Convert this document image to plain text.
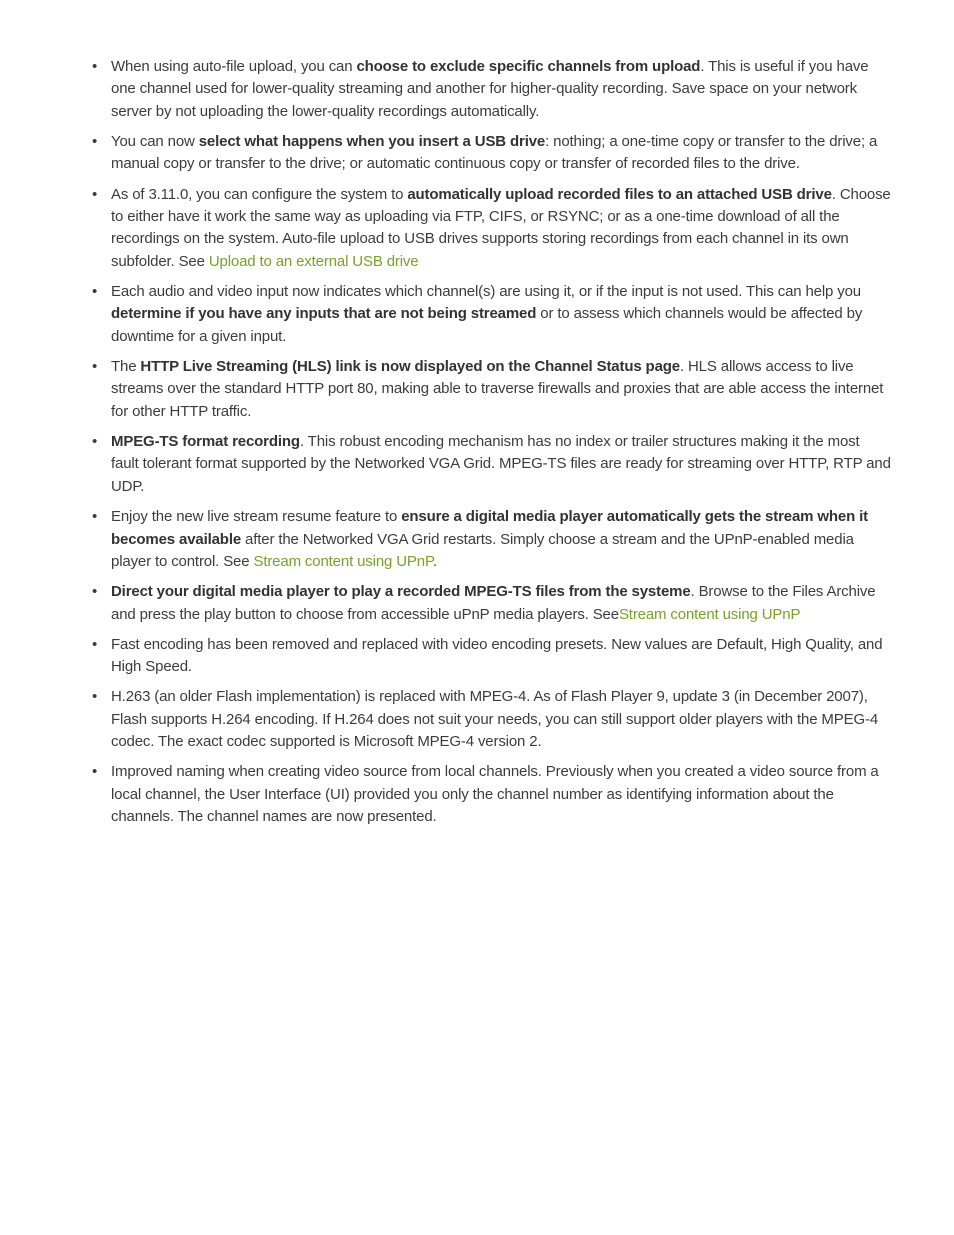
• When using auto-file upload, you can choose to exclude specific channels from upload. This is useful if you have one channel used for lower-quality streaming and another for higher-quality recording. Save space on your network server by not uploading the lower-quality recordings automatically.
• You can now select what happens when you insert a USB drive: nothing; a one-time copy or transfer to the drive; a manual copy or transfer to the drive; or automatic continuous copy or transfer of recorded files to the drive.
• As of 3.11.0, you can configure the system to automatically upload recorded files to an attached USB drive. Choose to either have it work the same way as uploading via FTP, CIFS, or RSYNC; or as a one-time download of all the recordings on the system. Auto-file upload to USB drives supports storing recordings from each channel in its own subfolder. See Upload to an external USB drive
• Each audio and video input now indicates which channel(s) are using it, or if the input is not used. This can help you determine if you have any inputs that are not being streamed or to assess which channels would be affected by downtime for a given input.
• The HTTP Live Streaming (HLS) link is now displayed on the Channel Status page. HLS allows access to live streams over the standard HTTP port 80, making able to traverse firewalls and proxies that are able access the internet for other HTTP traffic.
• MPEG-TS format recording. This robust encoding mechanism has no index or trailer structures making it the most fault tolerant format supported by the Networked VGA Grid. MPEG-TS files are ready for streaming over HTTP, RTP and UDP.
• Enjoy the new live stream resume feature to ensure a digital media player automatically gets the stream when it becomes available after the Networked VGA Grid restarts. Simply choose a stream and the UPnP-enabled media player to control. See Stream content using UPnP.
• Direct your digital media player to play a recorded MPEG-TS files from the systeme. Browse to the Files Archive and press the play button to choose from accessible uPnP media players. SeeStream content using UPnP
• Fast encoding has been removed and replaced with video encoding presets. New values are Default, High Quality, and High Speed.
• H.263 (an older Flash implementation) is replaced with MPEG-4. As of Flash Player 9, update 3 (in December 2007), Flash supports H.264 encoding. If H.264 does not suit your needs, you can still support older players with the MPEG-4 codec. The exact codec supported is Microsoft MPEG-4 version 2.
• Improved naming when creating video source from local channels. Previously when you created a video source from a local channel, the User Interface (UI) provided you only the channel number as identifying information about the channels. The channel names are now presented.
